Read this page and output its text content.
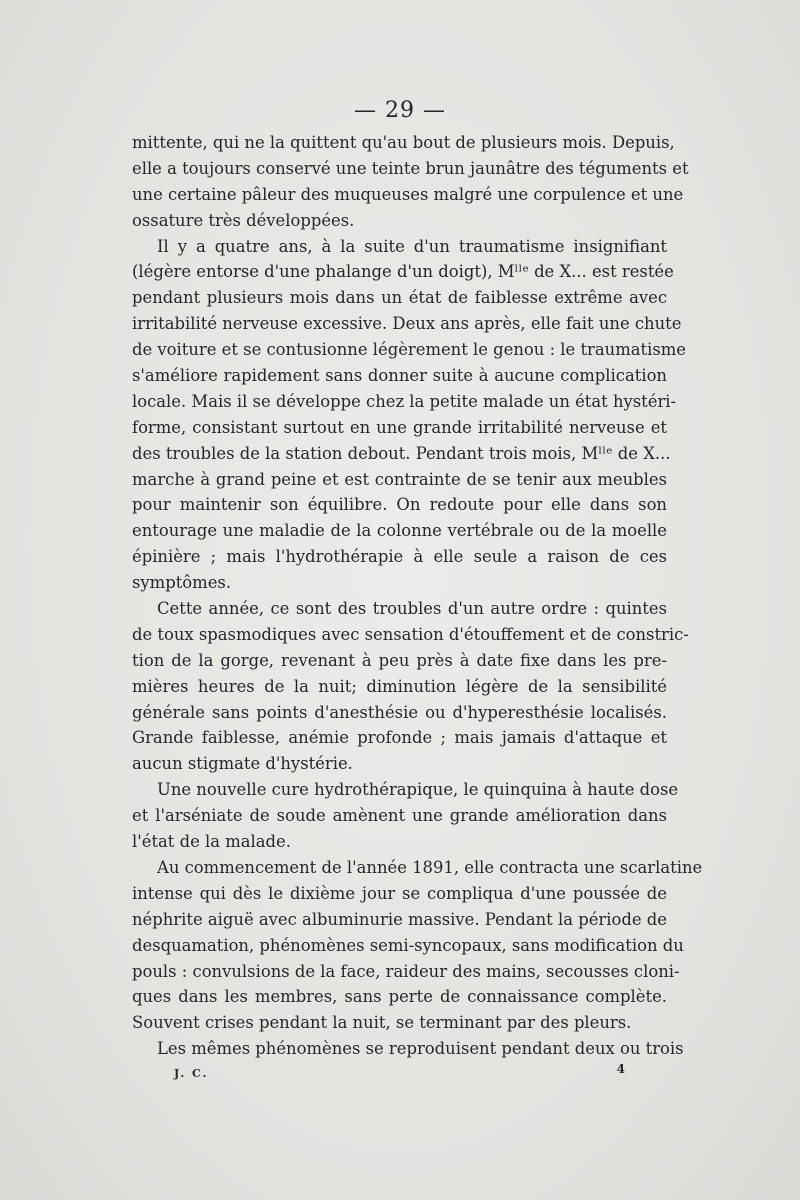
— 29 —
mittente, qui ne la quittent qu'au bout de plusieurs mois. Depuis,
elle a toujours conservé une teinte brun jaunâtre des téguments et
une certaine pâleur des muqueuses malgré une corpulence et une
ossature très développées.
Il y a quatre ans, à la suite d'un traumatisme insignifiant
(légère entorse d'une phalange d'un doigt), Mˡˡᵉ de X... est restée
pendant plusieurs mois dans un état de faiblesse extrême avec
irritabilité nerveuse excessive. Deux ans après, elle fait une chute
de voiture et se contusionne légèrement le genou : le traumatisme
s'améliore rapidement sans donner suite à aucune complication
locale. Mais il se développe chez la petite malade un état hystéri-
forme, consistant surtout en une grande irritabilité nerveuse et
des troubles de la station debout. Pendant trois mois, Mˡˡᵉ de X...
marche à grand peine et est contrainte de se tenir aux meubles
pour maintenir son équilibre. On redoute pour elle dans son
entourage une maladie de la colonne vertébrale ou de la moelle
épinière ; mais l'hydrothérapie à elle seule a raison de ces
symptômes.
Cette année, ce sont des troubles d'un autre ordre : quintes
de toux spasmodiques avec sensation d'étouffement et de constric-
tion de la gorge, revenant à peu près à date fixe dans les pre-
mières heures de la nuit; diminution légère de la sensibilité
générale sans points d'anesthésie ou d'hyperesthésie localisés.
Grande faiblesse, anémie profonde ; mais jamais d'attaque et
aucun stigmate d'hystérie.
Une nouvelle cure hydrothérapique, le quinquina à haute dose
et l'arséniate de soude amènent une grande amélioration dans
l'état de la malade.
Au commencement de l'année 1891, elle contracta une scarlatine
intense qui dès le dixième jour se compliqua d'une poussée de
néphrite aiguë avec albuminurie massive. Pendant la période de
desquamation, phénomènes semi-syncopaux, sans modification du
pouls : convulsions de la face, raideur des mains, secousses cloni-
ques dans les membres, sans perte de connaissance complète.
Souvent crises pendant la nuit, se terminant par des pleurs.
Les mêmes phénomènes se reproduisent pendant deux ou trois
J. C.	4
